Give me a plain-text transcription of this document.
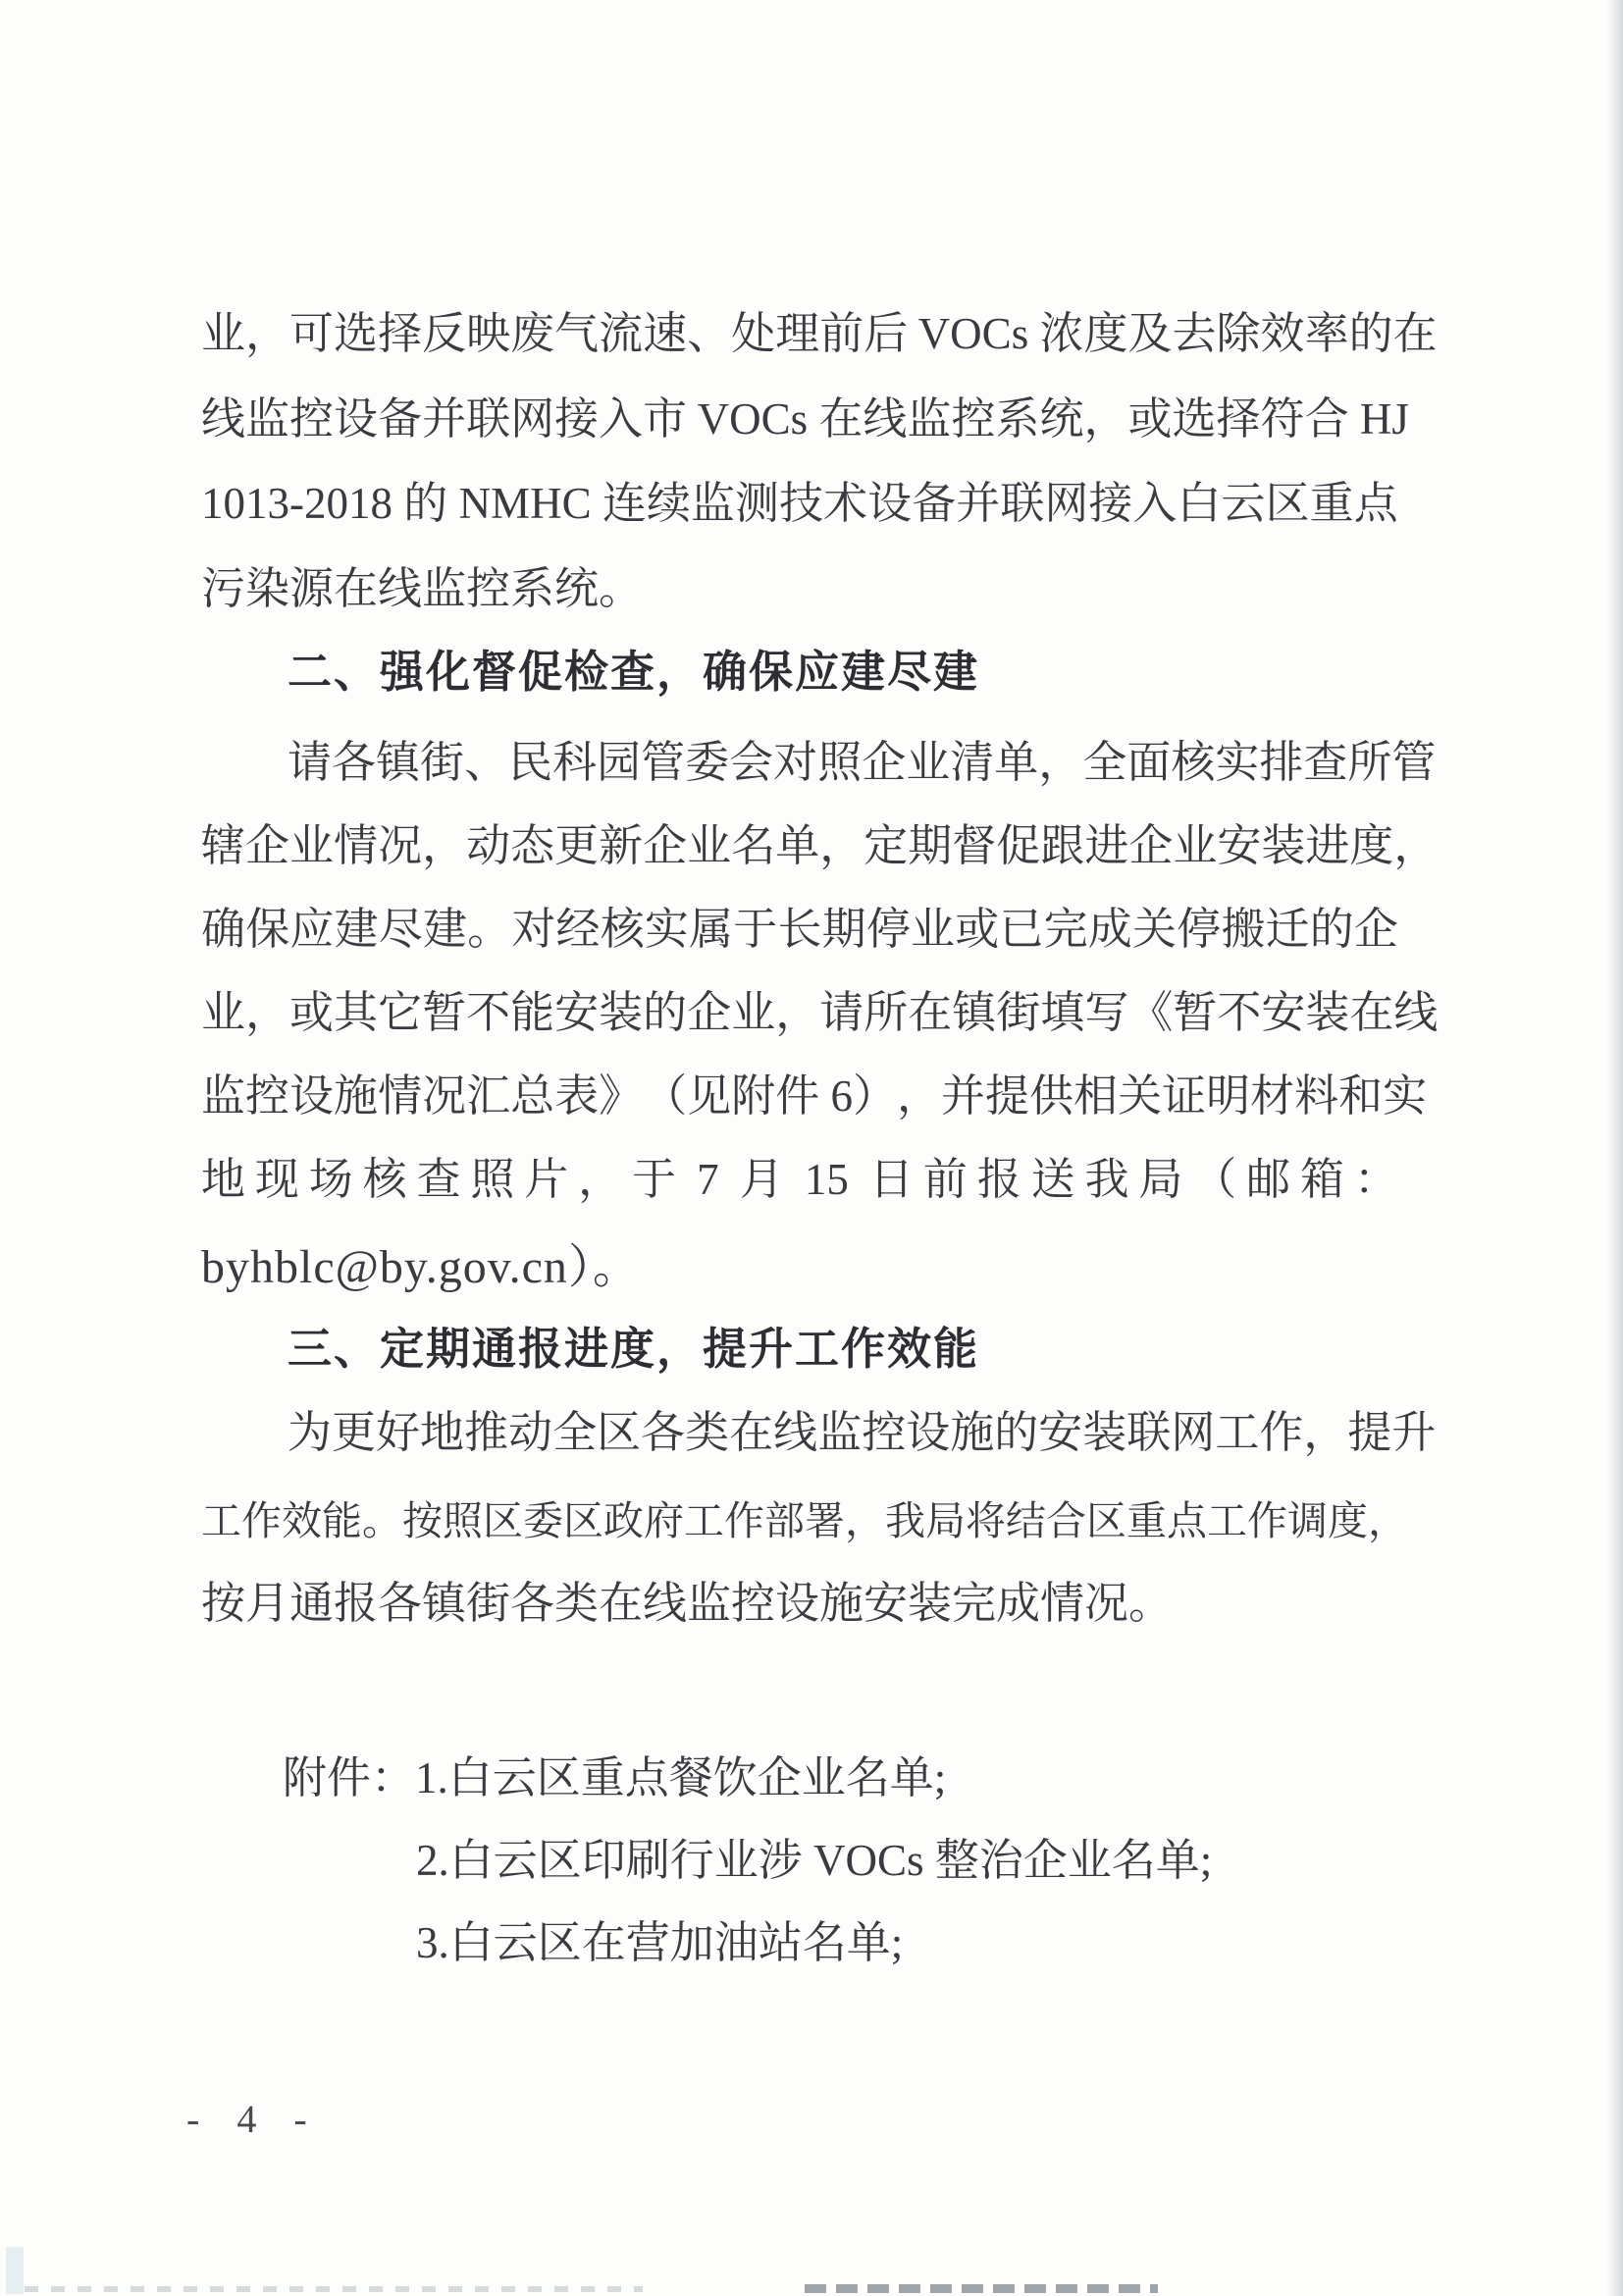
业 ， 可 选 择 反 映 废 气 流 速 、 处 理 前 后 VOCs 浓 度 及 去 除 效 率 的 在
线 监 控 设 备 并 联 网 接 入 市 VOCs 在 线 监 控 系 统 ， 或 选 择 符 合 HJ
1013-2018 的 NMHC 连 续 监 测 技 术 设 备 并 联 网 接 入 白 云 区 重 点
污染源在线监控系统。
二、强化督促检查，确保应建尽建
请 各 镇 街 、 民 科 园 管 委 会 对 照 企 业 清 单 ， 全 面 核 实 排 查 所 管
辖 企 业 情 况 ， 动 态 更 新 企 业 名 单 ， 定 期 督 促 跟 进 企 业 安 装 进 度 ，
确 保 应 建 尽 建 。 对 经 核 实 属 于 长 期 停 业 或 已 完 成 关 停 搬 迁 的 企
业 ， 或 其 它 暂 不 能 安 装 的 企 业 ， 请 所 在 镇 街 填 写 《 暂 不 安 装 在 线
监 控 设 施 情 况 汇 总 表 》 （ 见 附 件 6 ） ， 并 提 供 相 关 证 明 材 料 和 实
地 现 场 核 查 照 片 ， 于 7 月 15 日 前 报 送 我 局 （ 邮 箱 ：
byhblc@by.gov.cn）。
三、定期通报进度，提升工作效能
为 更 好 地 推 动 全 区 各 类 在 线 监 控 设 施 的 安 装 联 网 工 作 ， 提 升
工 作 效 能 。 按 照 区 委 区 政 府 工 作 部 署 ， 我 局 将 结 合 区 重 点 工 作 调 度 ，
按月通报各镇街各类在线监控设施安装完成情况。
附件：1.白云区重点餐饮企业名单;
2.白云区印刷行业涉 VOCs 整治企业名单;
3.白云区在营加油站名单;
- 4 -
